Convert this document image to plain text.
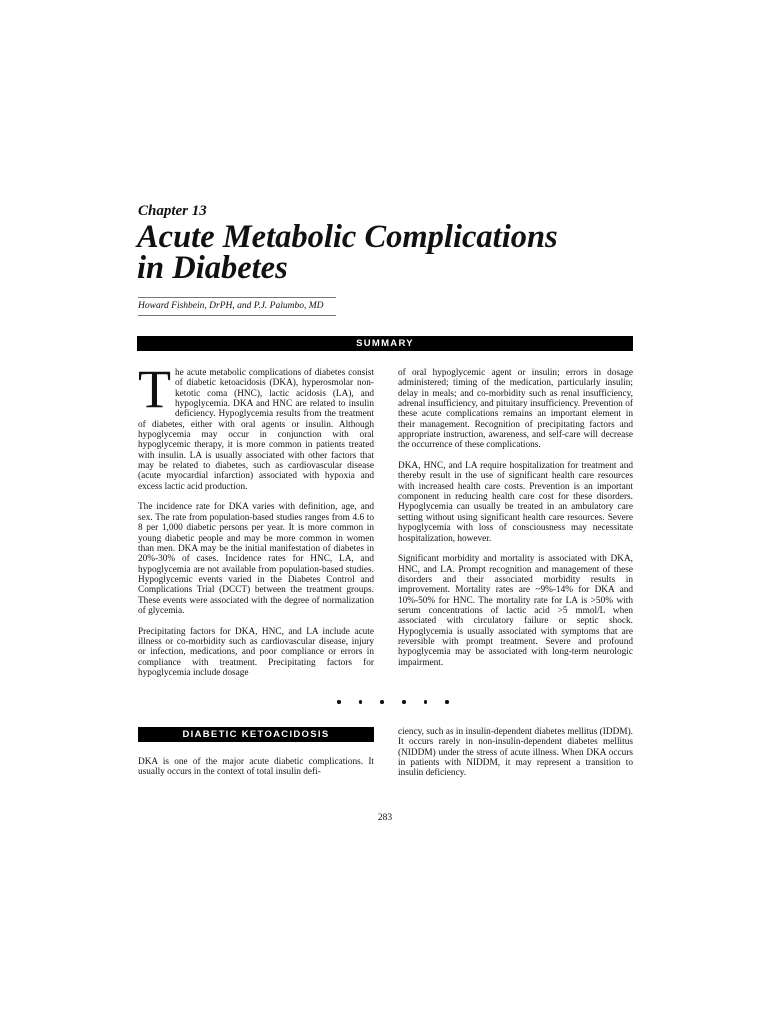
Chapter 13
Acute Metabolic Complications
in Diabetes
Howard Fishbein, DrPH, and P.J. Palumbo, MD
SUMMARY

The acute metabolic complications of diabetes consist of diabetic ketoacidosis (DKA), hyperosmolar non-ketotic coma (HNC), lactic acidosis (LA), and hypoglycemia. DKA and HNC are related to insulin deficiency. Hypoglycemia results from the treatment of diabetes, either with oral agents or insulin. Although hypoglycemia may occur in conjunction with oral hypoglycemic therapy, it is more common in patients treated with insulin. LA is usually associated with other factors that may be related to diabetes, such as cardiovascular disease (acute myocardial infarction) associated with hypoxia and excess lactic acid production.

The incidence rate for DKA varies with definition, age, and sex. The rate from population-based studies ranges from 4.6 to 8 per 1,000 diabetic persons per year. It is more common in young diabetic people and may be more common in women than men. DKA may be the initial manifestation of diabetes in 20%-30% of cases. Incidence rates for HNC, LA, and hypoglycemia are not available from population-based studies. Hypoglycemic events varied in the Diabetes Control and Complications Trial (DCCT) between the treatment groups. These events were associated with the degree of normalization of glycemia.

Precipitating factors for DKA, HNC, and LA include acute illness or co-morbidity such as cardiovascular disease, injury or infection, medications, and poor compliance or errors in compliance with treatment. Precipitating factors for hypoglycemia include dosage

of oral hypoglycemic agent or insulin; errors in dosage administered; timing of the medication, particularly insulin; delay in meals; and co-morbidity such as renal insufficiency, adrenal insufficiency, and pituitary insufficiency. Prevention of these acute complications remains an important element in their management. Recognition of precipitating factors and appropriate instruction, awareness, and self-care will decrease the occurrence of these complications.

DKA, HNC, and LA require hospitalization for treatment and thereby result in the use of significant health care resources with increased health care costs. Prevention is an important component in reducing health care cost for these disorders. Hypoglycemia can usually be treated in an ambulatory care setting without using significant health care resources. Severe hypoglycemia with loss of consciousness may necessitate hospitalization, however.

Significant morbidity and mortality is associated with DKA, HNC, and LA. Prompt recognition and management of these disorders and their associated morbidity results in improvement. Mortality rates are ~9%-14% for DKA and 10%-50% for HNC. The mortality rate for LA is >50% with serum concentrations of lactic acid >5 mmol/L when associated with circulatory failure or septic shock. Hypoglycemia is usually associated with symptoms that are reversible with prompt treatment. Severe and profound hypoglycemia may be associated with long-term neurologic impairment.

DIABETIC KETOACIDOSIS

DKA is one of the major acute diabetic complications. It usually occurs in the context of total insulin defi-

ciency, such as in insulin-dependent diabetes mellitus (IDDM). It occurs rarely in non-insulin-dependent diabetes mellitus (NIDDM) under the stress of acute illness. When DKA occurs in patients with NIDDM, it may represent a transition to insulin deficiency.

283
